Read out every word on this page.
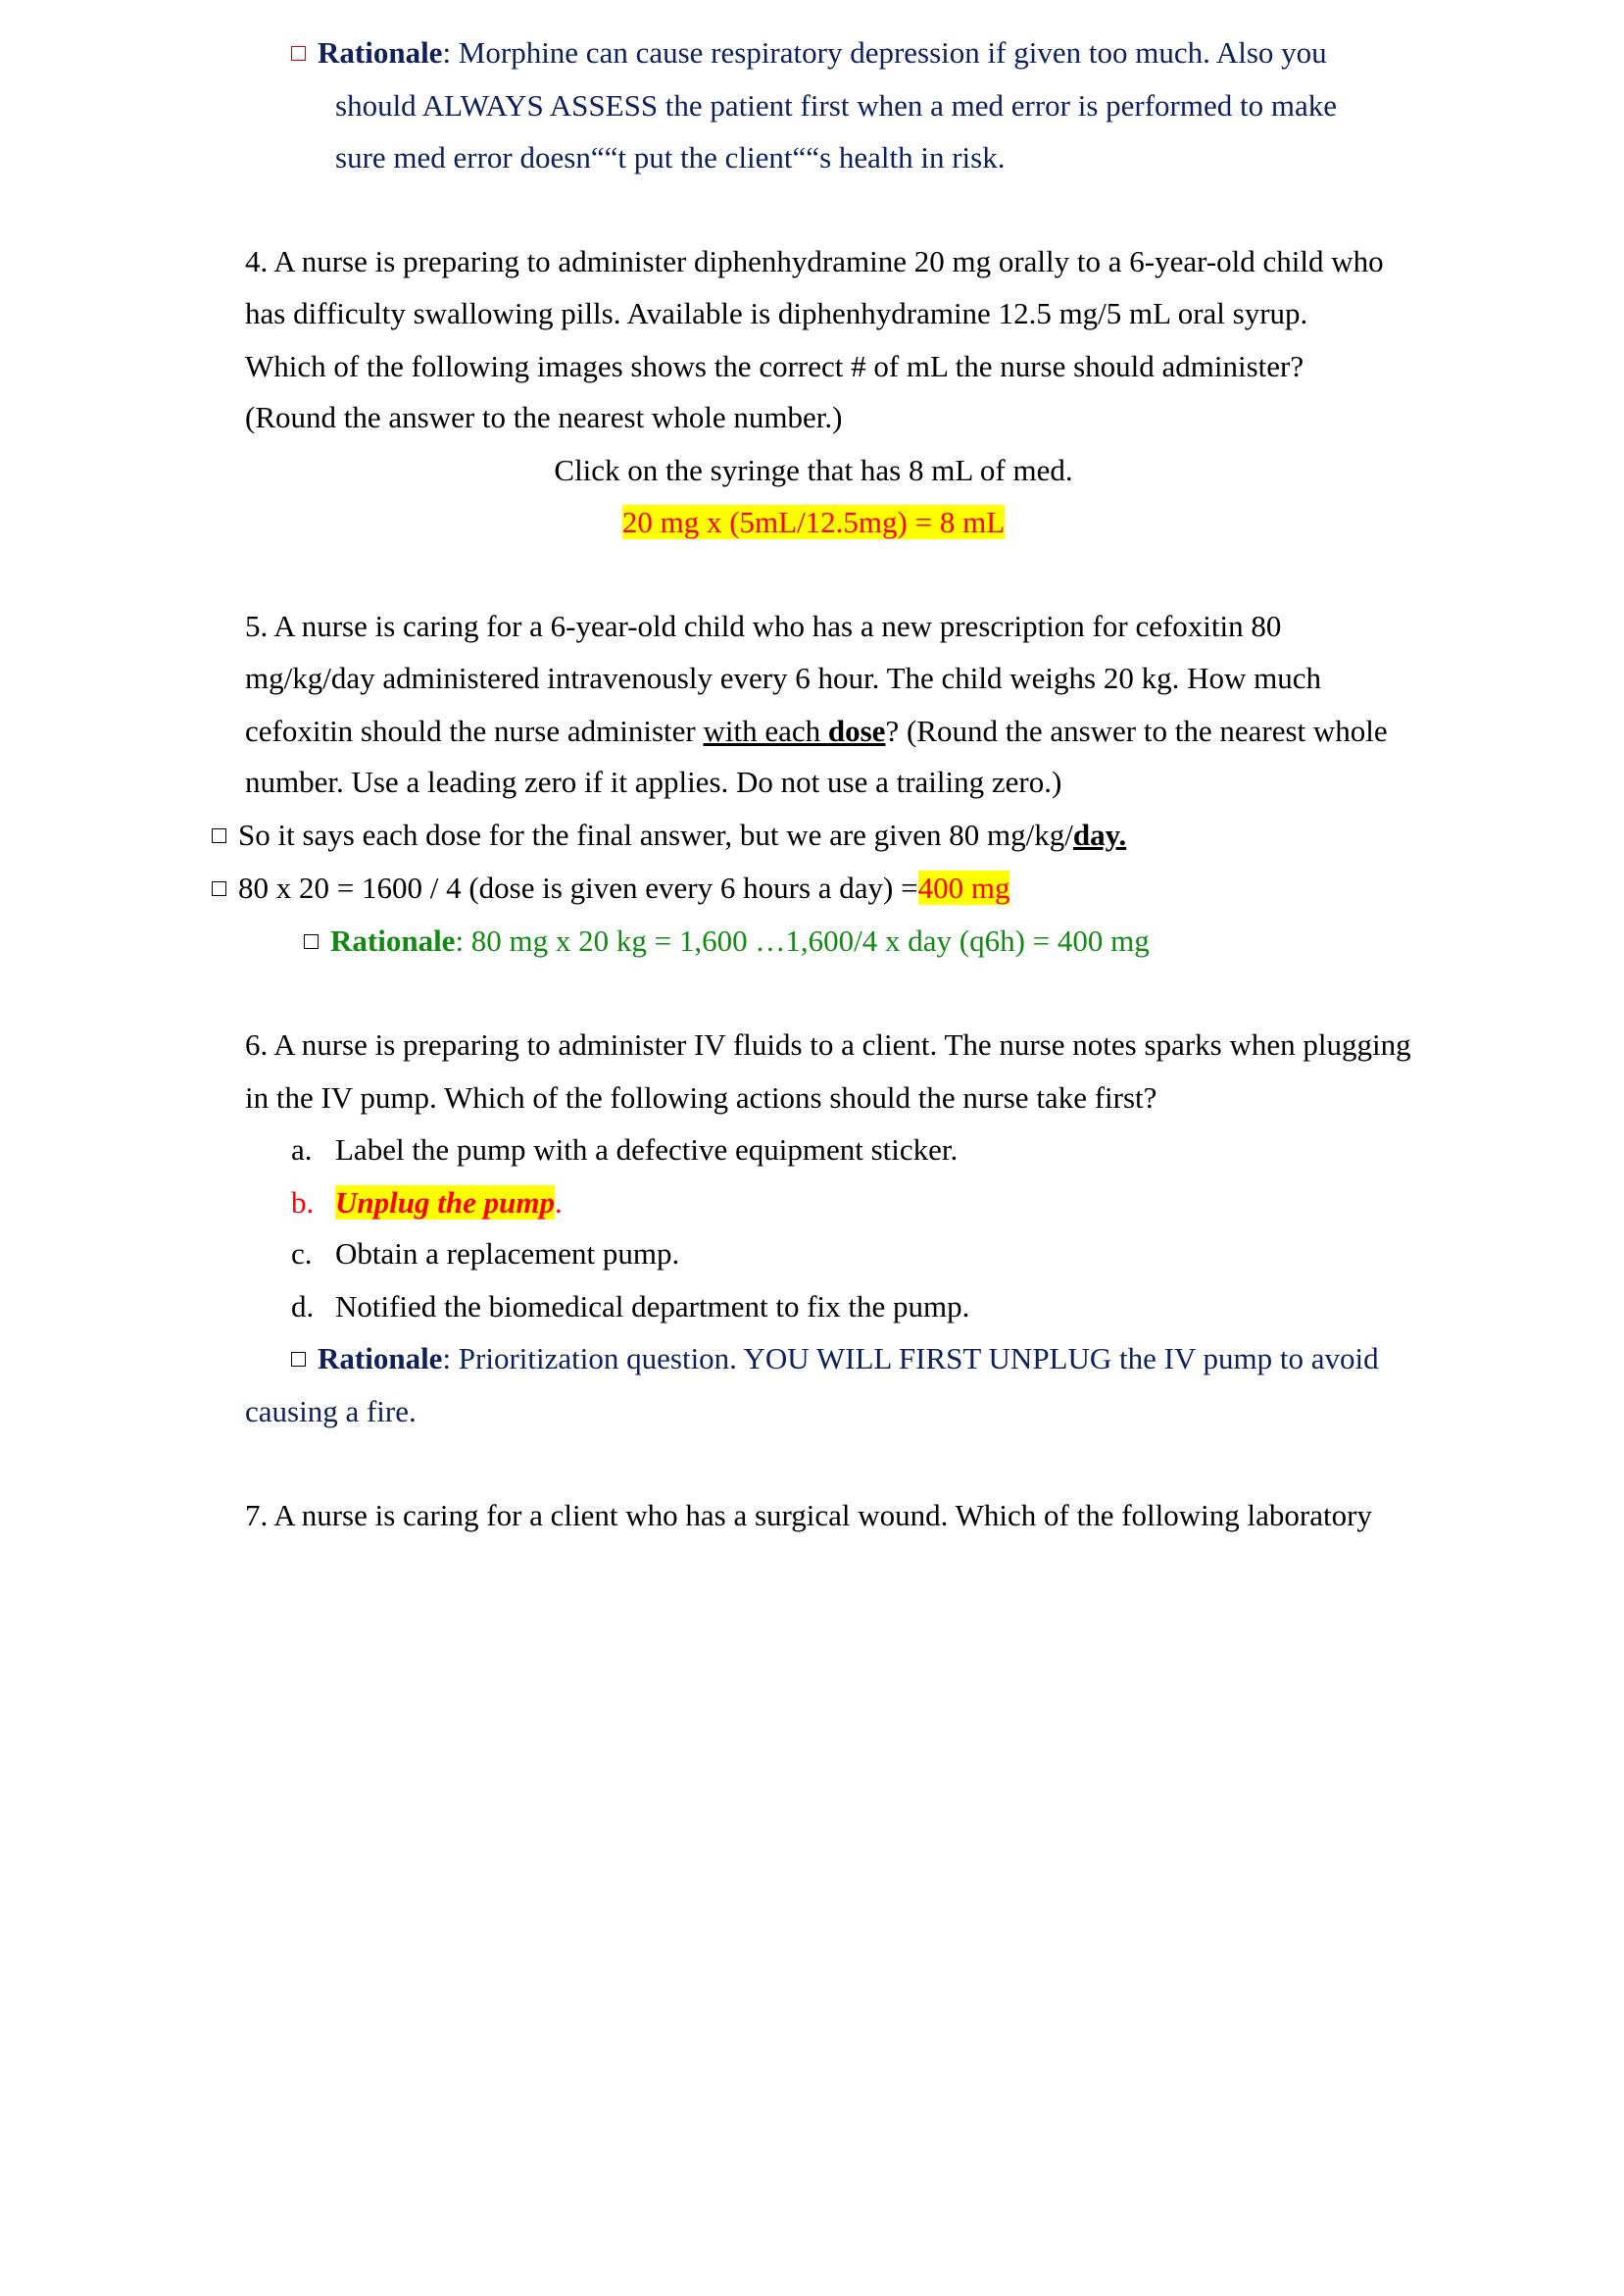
Rationale: Morphine can cause respiratory depression if given too much. Also you
should ALWAYS ASSESS the patient first when a med error is performed to make
sure med error doesn““t put the client““s health in risk.
4. A nurse is preparing to administer diphenhydramine 20 mg orally to a 6-year-old child who
has difficulty swallowing pills. Available is diphenhydramine 12.5 mg/5 mL oral syrup.
Which of the following images shows the correct # of mL the nurse should administer?
(Round the answer to the nearest whole number.)
Click on the syringe that has 8 mL of med.
20 mg x (5mL/12.5mg) = 8 mL
5. A nurse is caring for a 6-year-old child who has a new prescription for cefoxitin 80
mg/kg/day administered intravenously every 6 hour. The child weighs 20 kg. How much
cefoxitin should the nurse administer with each dose? (Round the answer to the nearest whole
number. Use a leading zero if it applies. Do not use a trailing zero.)
So it says each dose for the final answer, but we are given 80 mg/kg/day.
80 x 20 = 1600 / 4 (dose is given every 6 hours a day) =400 mg
Rationale: 80 mg x 20 kg = 1,600 …1,600/4 x day (q6h) = 400 mg
6. A nurse is preparing to administer IV fluids to a client. The nurse notes sparks when plugging
in the IV pump. Which of the following actions should the nurse take first?
a. Label the pump with a defective equipment sticker.
b. Unplug the pump.
c. Obtain a replacement pump.
d. Notified the biomedical department to fix the pump.
Rationale: Prioritization question. YOU WILL FIRST UNPLUG the IV pump to avoid
causing a fire.
7. A nurse is caring for a client who has a surgical wound. Which of the following laboratory
